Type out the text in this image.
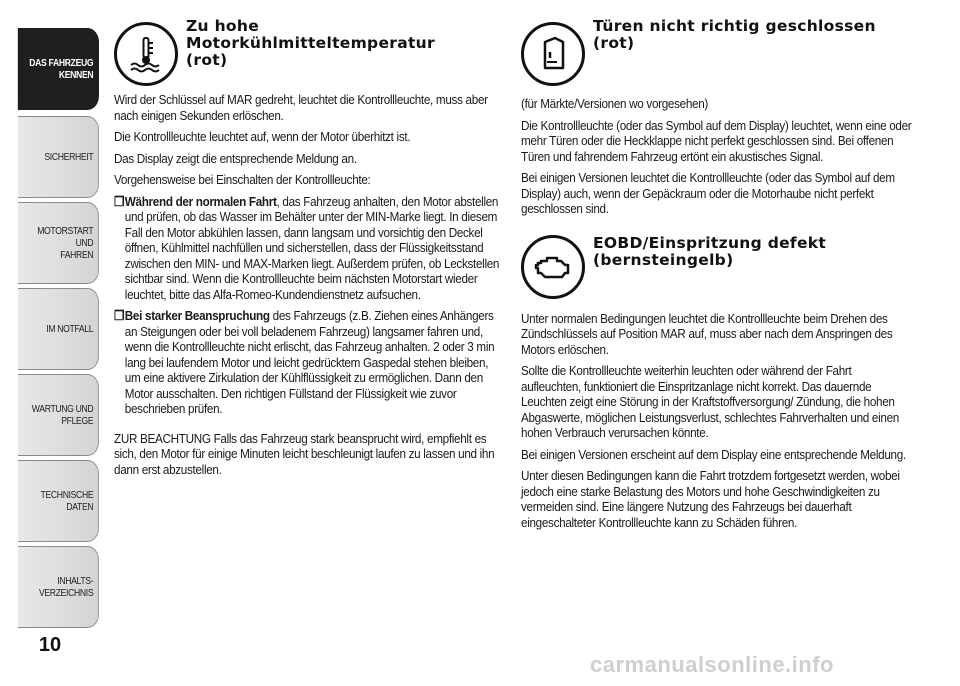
DAS FAHRZEUG
KENNEN
SICHERHEIT
MOTORSTART UND
FAHREN
IM NOTFALL
WARTUNG UND
PFLEGE
TECHNISCHE DATEN
INHALTS-
VERZEICHNIS
10
Zu hohe
Motorkühlmitteltemperatur
(rot)

Wird der Schlüssel auf MAR gedreht, leuchtet die Kontrollleuchte, muss aber nach einigen Sekunden erlöschen.

Die Kontrollleuchte leuchtet auf, wenn der Motor überhitzt ist.

Das Display zeigt die entsprechende Meldung an.

Vorgehensweise bei Einschalten der Kontrollleuchte:

❒ Während der normalen Fahrt, das Fahrzeug anhalten, den Motor abstellen und prüfen, ob das Wasser im Behälter unter der MIN-Marke liegt. In diesem Fall den Motor abkühlen lassen, dann langsam und vorsichtig den Deckel öffnen, Kühlmittel nachfüllen und sicherstellen, dass der Flüssigkeitsstand zwischen den MIN- und MAX-Marken liegt. Außerdem prüfen, ob Leckstellen sichtbar sind. Wenn die Kontrollleuchte beim nächsten Motorstart wieder leuchtet, bitte das Alfa-Romeo-Kundendienstnetz aufsuchen.
❒ Bei starker Beanspruchung des Fahrzeugs (z.B. Ziehen eines Anhängers an Steigungen oder bei voll beladenem Fahrzeug) langsamer fahren und, wenn die Kontrollleuchte nicht erlischt, das Fahrzeug anhalten. 2 oder 3 min lang bei laufendem Motor und leicht gedrücktem Gaspedal stehen bleiben, um eine aktivere Zirkulation der Kühlflüssigkeit zu ermöglichen. Dann den Motor ausschalten. Den richtigen Füllstand der Flüssigkeit wie zuvor beschrieben prüfen.

ZUR BEACHTUNG Falls das Fahrzeug stark beansprucht wird, empfiehlt es sich, den Motor für einige Minuten leicht beschleunigt laufen zu lassen und ihn dann erst abzustellen.

Türen nicht richtig geschlossen
(rot)

(für Märkte/Versionen wo vorgesehen)

Die Kontrollleuchte (oder das Symbol auf dem Display) leuchtet, wenn eine oder mehr Türen oder die Heckklappe nicht perfekt geschlossen sind. Bei offenen Türen und fahrendem Fahrzeug ertönt ein akustisches Signal.

Bei einigen Versionen leuchtet die Kontrollleuchte (oder das Symbol auf dem Display) auch, wenn der Gepäckraum oder die Motorhaube nicht perfekt geschlossen sind.

EOBD/Einspritzung defekt
(bernsteingelb)

Unter normalen Bedingungen leuchtet die Kontrollleuchte beim Drehen des Zündschlüssels auf Position MAR auf, muss aber nach dem Anspringen des Motors erlöschen.

Sollte die Kontrollleuchte weiterhin leuchten oder während der Fahrt aufleuchten, funktioniert die Einspritzanlage nicht korrekt. Das dauernde Leuchten zeigt eine Störung in der Kraftstoffversorgung/ Zündung, die hohen Abgaswerte, möglichen Leistungsverlust, schlechtes Fahrverhalten und einen hohen Verbrauch verursachen könnte.

Bei einigen Versionen erscheint auf dem Display eine entsprechende Meldung.

Unter diesen Bedingungen kann die Fahrt trotzdem fortgesetzt werden, wobei jedoch eine starke Belastung des Motors und hohe Geschwindigkeiten zu vermeiden sind. Eine längere Nutzung des Fahrzeugs bei dauerhaft eingeschalteter Kontrollleuchte kann zu Schäden führen.

carmanualsonline.info
